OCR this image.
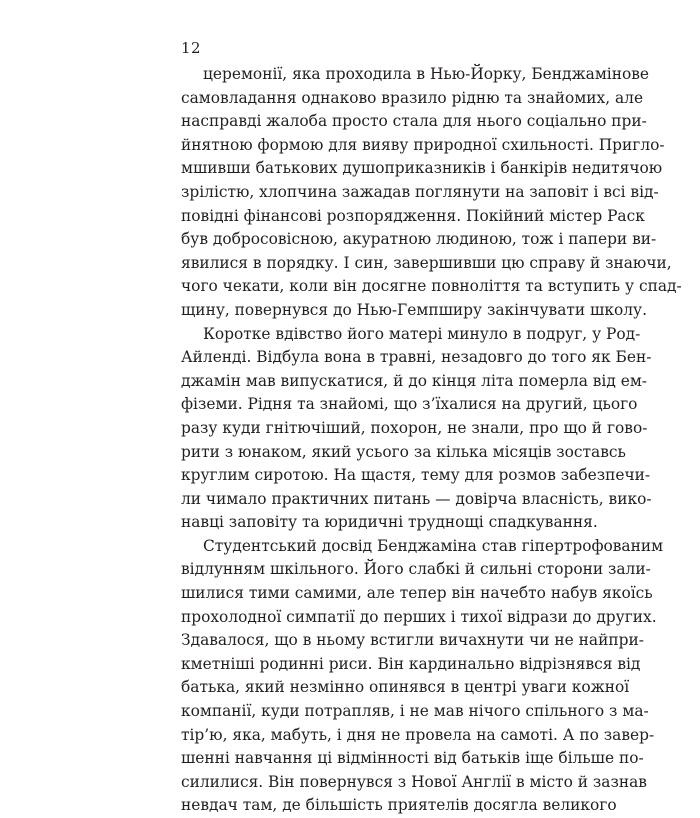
12
церемонії, яка проходила в Нью-Йорку, Бенджамінове
самовладання однаково вразило рідню та знайомих, але
насправді жалоба просто стала для нього соціально при-
йнятною формою для вияву природної схильності. Пригло-
мшивши батькових душоприказників і банкірів недитячою
зрілістю, хлопчина зажадав поглянути на заповіт і всі від-
повідні фінансові розпорядження. Покійний містер Раск
був добросовісною, акуратною людиною, тож і папери ви-
явилися в порядку. І син, завершивши цю справу й знаючи,
чого чекати, коли він досягне повноліття та вступить у спад-
щину, повернувся до Нью-Гемпширу закінчувати школу.
Коротке вдівство його матері минуло в подруг, у Род-
Айленді. Відбула вона в травні, незадовго до того як Бен-
джамін мав випускатися, й до кінця літа померла від ем-
фіземи. Рідня та знайомі, що з’їхалися на другий, цього
разу куди гнітючіший, похорон, не знали, про що й гово-
рити з юнаком, який усього за кілька місяців зоставсь
круглим сиротою. На щастя, тему для розмов забезпечи-
ли чимало практичних питань — довірча власність, вико-
навці заповіту та юридичні труднощі спадкування.
Студентський досвід Бенджаміна став гіпертрофованим
відлунням шкільного. Його слабкі й сильні сторони зали-
шилися тими самими, але тепер він начебто набув якоїсь
прохолодної симпатії до перших і тихої відрази до других.
Здавалося, що в ньому встигли вичахнути чи не найпри-
кметніші родинні риси. Він кардинально відрізнявся від
батька, який незмінно опинявся в центрі уваги кожної
компанії, куди потрапляв, і не мав нічого спільного з ма-
тір’ю, яка, мабуть, і дня не провела на самоті. А по завер-
шенні навчання ці відмінності від батьків іще більше по-
силилися. Він повернувся з Нової Англії в місто й зазнав
невдач там, де більшість приятелів досягла великого
